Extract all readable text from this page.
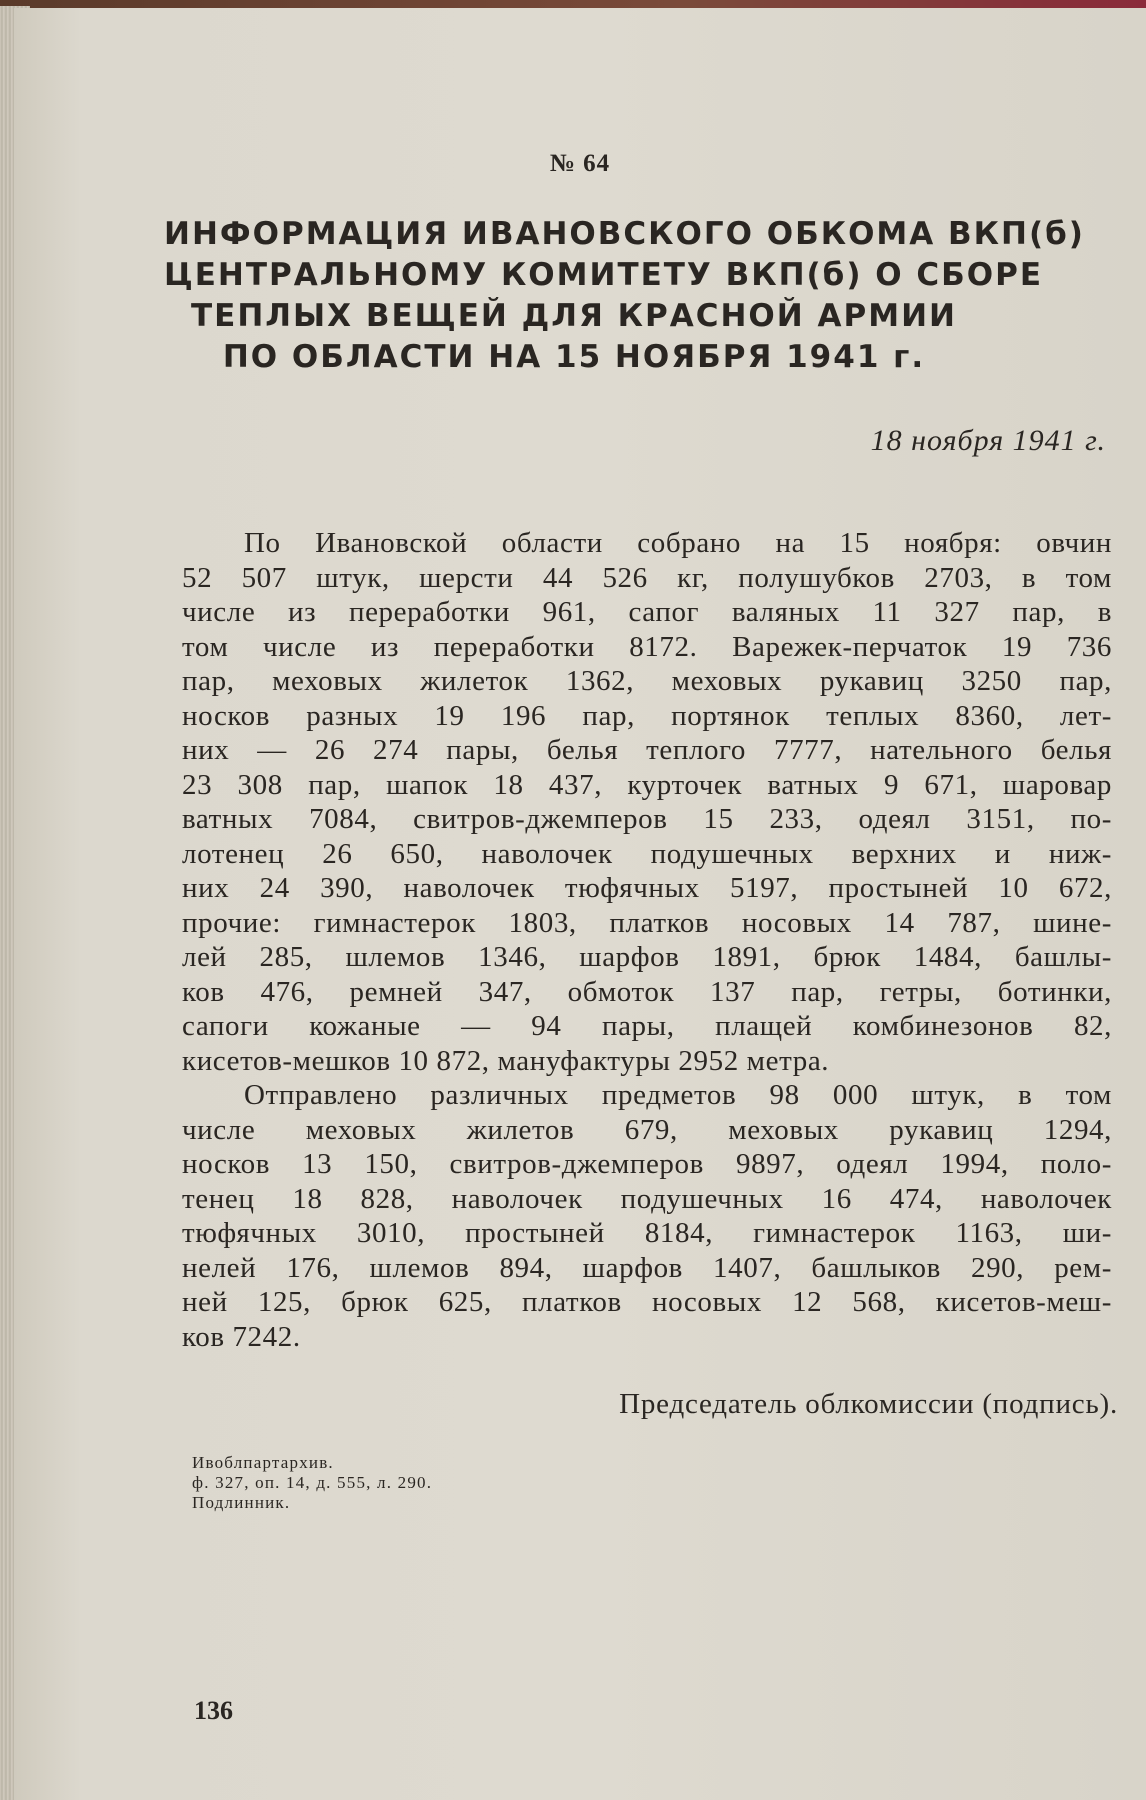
№ 64
ИНФОРМАЦИЯ ИВАНОВСКОГО ОБКОМА ВКП(б)
ЦЕНТРАЛЬНОМУ КОМИТЕТУ ВКП(б) О СБОРЕ
ТЕПЛЫХ ВЕЩЕЙ ДЛЯ КРАСНОЙ АРМИИ
ПО ОБЛАСТИ НА 15 НОЯБРЯ 1941 г.
18 ноября 1941 г.
По Ивановской области собрано на 15 ноября: овчин
52 507 штук, шерсти 44 526 кг, полушубков 2703, в том
числе из переработки 961, сапог валяных 11 327 пар, в
том числе из переработки 8172. Варежек-перчаток 19 736
пар, меховых жилеток 1362, меховых рукавиц 3250 пар,
носков разных 19 196 пар, портянок теплых 8360, лет-
них — 26 274 пары, белья теплого 7777, нательного белья
23 308 пар, шапок 18 437, курточек ватных 9 671, шаровар
ватных 7084, свитров-джемперов 15 233, одеял 3151, по-
лотенец 26 650, наволочек подушечных верхних и ниж-
них 24 390, наволочек тюфячных 5197, простыней 10 672,
прочие: гимнастерок 1803, платков носовых 14 787, шине-
лей 285, шлемов 1346, шарфов 1891, брюк 1484, башлы-
ков 476, ремней 347, обмоток 137 пар, гетры, ботинки,
сапоги кожаные — 94 пары, плащей комбинезонов 82,
кисетов-мешков 10 872, мануфактуры 2952 метра.
Отправлено различных предметов 98 000 штук, в том
числе меховых жилетов 679, меховых рукавиц 1294,
носков 13 150, свитров-джемперов 9897, одеял 1994, поло-
тенец 18 828, наволочек подушечных 16 474, наволочек
тюфячных 3010, простыней 8184, гимнастерок 1163, ши-
нелей 176, шлемов 894, шарфов 1407, башлыков 290, рем-
ней 125, брюк 625, платков носовых 12 568, кисетов-меш-
ков 7242.
Председатель облкомиссии (подпись).
Ивоблпартархив.
ф. 327, оп. 14, д. 555, л. 290.
Подлинник.
136
